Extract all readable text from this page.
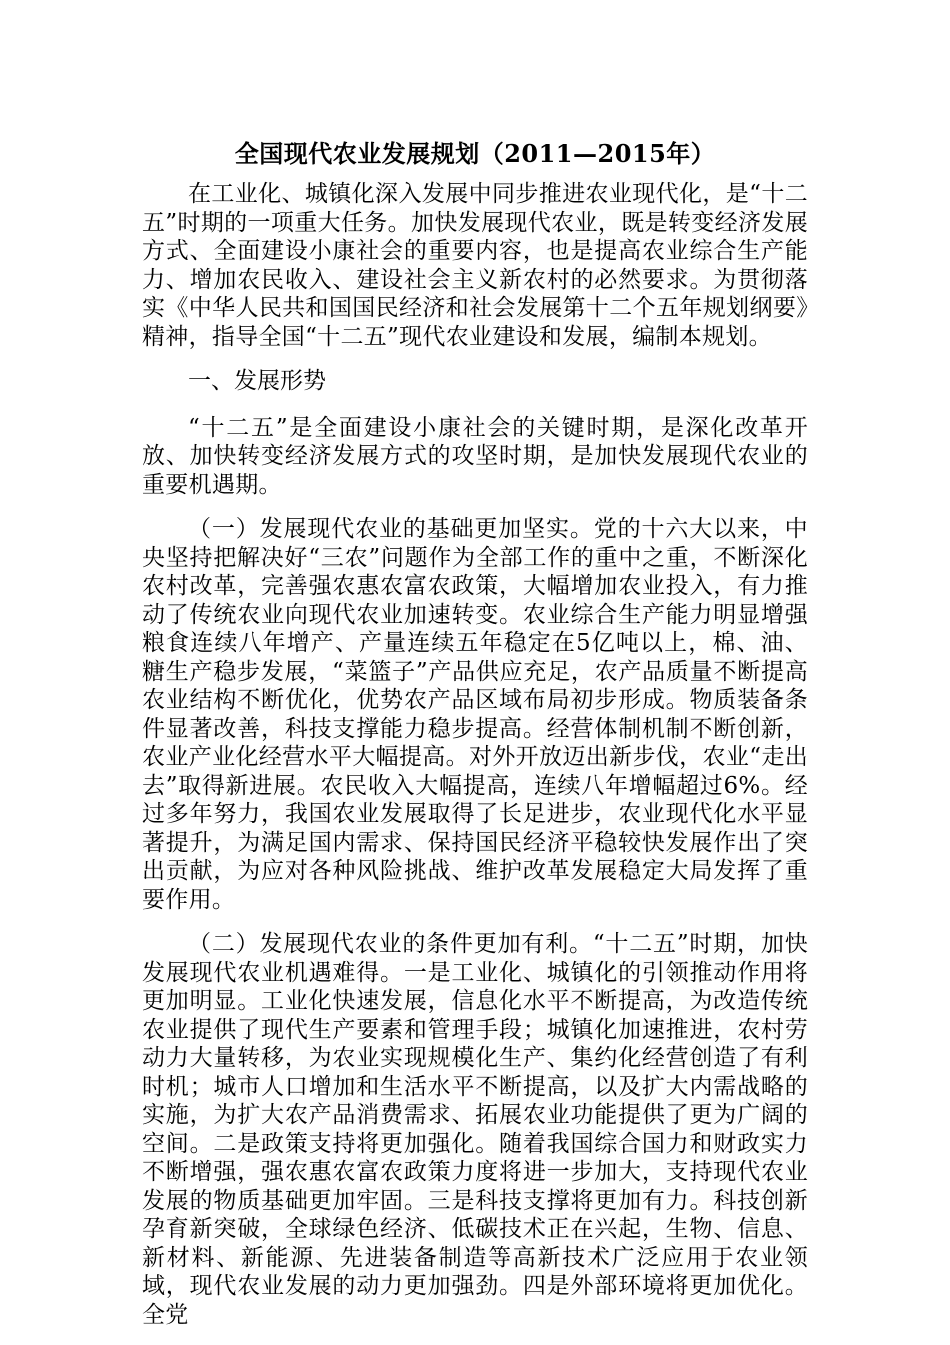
全国现代农业发展规划（2011—2015年）

在工业化、城镇化深入发展中同步推进农业现代化，是“十二五”时期的一项重大任务。加快发展现代农业，既是转变经济发展方式、全面建设小康社会的重要内容，也是提高农业综合生产能力、增加农民收入、建设社会主义新农村的必然要求。为贯彻落实《中华人民共和国国民经济和社会发展第十二个五年规划纲要》精神，指导全国“十二五”现代农业建设和发展，编制本规划。

一、发展形势

“十二五”是全面建设小康社会的关键时期，是深化改革开放、加快转变经济发展方式的攻坚时期，是加快发展现代农业的重要机遇期。

（一）发展现代农业的基础更加坚实。党的十六大以来，中央坚持把解决好“三农”问题作为全部工作的重中之重，不断深化农村改革，完善强农惠农富农政策，大幅增加农业投入，有力推动了传统农业向现代农业加速转变。农业综合生产能力明显增强粮食连续八年增产、产量连续五年稳定在5亿吨以上，棉、油、糖生产稳步发展，“菜篮子”产品供应充足，农产品质量不断提高农业结构不断优化，优势农产品区域布局初步形成。物质装备条件显著改善，科技支撑能力稳步提高。经营体制机制不断创新，农业产业化经营水平大幅提高。对外开放迈出新步伐，农业“走出去”取得新进展。农民收入大幅提高，连续八年增幅超过6%。经过多年努力，我国农业发展取得了长足进步，农业现代化水平显著提升，为满足国内需求、保持国民经济平稳较快发展作出了突出贡献，为应对各种风险挑战、维护改革发展稳定大局发挥了重要作用。

（二）发展现代农业的条件更加有利。“十二五”时期，加快发展现代农业机遇难得。一是工业化、城镇化的引领推动作用将更加明显。工业化快速发展，信息化水平不断提高，为改造传统农业提供了现代生产要素和管理手段；城镇化加速推进，农村劳动力大量转移，为农业实现规模化生产、集约化经营创造了有利时机；城市人口增加和生活水平不断提高，以及扩大内需战略的实施，为扩大农产品消费需求、拓展农业功能提供了更为广阔的空间。二是政策支持将更加强化。随着我国综合国力和财政实力不断增强，强农惠农富农政策力度将进一步加大，支持现代农业发展的物质基础更加牢固。三是科技支撑将更加有力。科技创新孕育新突破，全球绿色经济、低碳技术正在兴起，生物、信息、新材料、新能源、先进装备制造等高新技术广泛应用于农业领域，现代农业发展的动力更加强劲。四是外部环境将更加优化。全党
